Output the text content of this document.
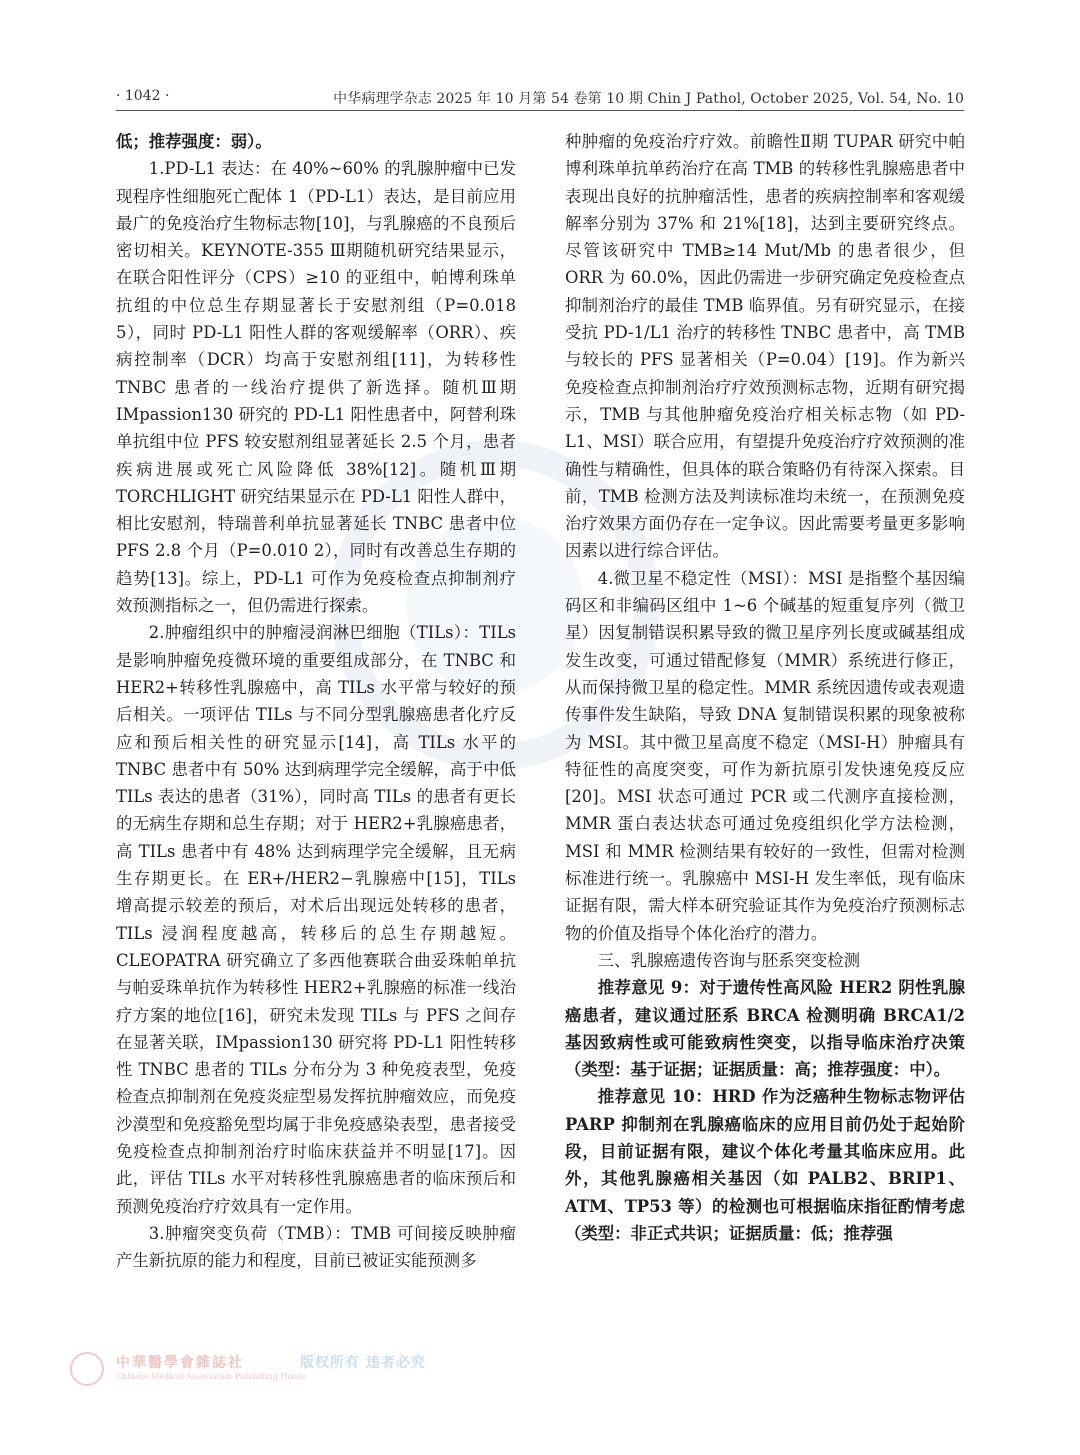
· 1042 ·	中华病理学杂志 2025 年 10 月第 54 卷第 10 期 Chin J Pathol, October 2025, Vol. 54, No. 10

低；推荐强度：弱）。

1.PD-L1 表达：在 40%~60% 的乳腺肿瘤中已发现程序性细胞死亡配体 1（PD-L1）表达，是目前应用最广的免疫治疗生物标志物[10]，与乳腺癌的不良预后密切相关。KEYNOTE-355 Ⅲ期随机研究结果显示，在联合阳性评分（CPS）≥10 的亚组中，帕博利珠单抗组的中位总生存期显著长于安慰剂组（P=0.018 5），同时 PD-L1 阳性人群的客观缓解率（ORR）、疾病控制率（DCR）均高于安慰剂组[11]，为转移性 TNBC 患者的一线治疗提供了新选择。随机Ⅲ期 IMpassion130 研究的 PD-L1 阳性患者中，阿替利珠单抗组中位 PFS 较安慰剂组显著延长 2.5 个月，患者疾病进展或死亡风险降低 38%[12]。随机Ⅲ期 TORCHLIGHT 研究结果显示在 PD-L1 阳性人群中，相比安慰剂，特瑞普利单抗显著延长 TNBC 患者中位 PFS 2.8 个月（P=0.010 2），同时有改善总生存期的趋势[13]。综上，PD-L1 可作为免疫检查点抑制剂疗效预测指标之一，但仍需进行探索。

2.肿瘤组织中的肿瘤浸润淋巴细胞（TILs）：TILs 是影响肿瘤免疫微环境的重要组成部分，在 TNBC 和 HER2+转移性乳腺癌中，高 TILs 水平常与较好的预后相关。一项评估 TILs 与不同分型乳腺癌患者化疗反应和预后相关性的研究显示[14]，高 TILs 水平的 TNBC 患者中有 50% 达到病理学完全缓解，高于中低 TILs 表达的患者（31%），同时高 TILs 的患者有更长的无病生存期和总生存期；对于 HER2+乳腺癌患者，高 TILs 患者中有 48% 达到病理学完全缓解，且无病生存期更长。在 ER+/HER2−乳腺癌中[15]，TILs 增高提示较差的预后，对术后出现远处转移的患者，TILs 浸润程度越高，转移后的总生存期越短。CLEOPATRA 研究确立了多西他赛联合曲妥珠帕单抗与帕妥珠单抗作为转移性 HER2+乳腺癌的标准一线治疗方案的地位[16]，研究未发现 TILs 与 PFS 之间存在显著关联，IMpassion130 研究将 PD-L1 阳性转移性 TNBC 患者的 TILs 分布分为 3 种免疫表型，免疫检查点抑制剂在免疫炎症型易发挥抗肿瘤效应，而免疫沙漠型和免疫豁免型均属于非免疫感染表型，患者接受免疫检查点抑制剂治疗时临床获益并不明显[17]。因此，评估 TILs 水平对转移性乳腺癌患者的临床预后和预测免疫治疗疗效具有一定作用。

3.肿瘤突变负荷（TMB）：TMB 可间接反映肿瘤产生新抗原的能力和程度，目前已被证实能预测多

种肿瘤的免疫治疗疗效。前瞻性Ⅱ期 TUPAR 研究中帕博利珠单抗单药治疗在高 TMB 的转移性乳腺癌患者中表现出良好的抗肿瘤活性，患者的疾病控制率和客观缓解率分别为 37% 和 21%[18]，达到主要研究终点。尽管该研究中 TMB≥14 Mut/Mb 的患者很少，但 ORR 为 60.0%，因此仍需进一步研究确定免疫检查点抑制剂治疗的最佳 TMB 临界值。另有研究显示，在接受抗 PD-1/L1 治疗的转移性 TNBC 患者中，高 TMB 与较长的 PFS 显著相关（P=0.04）[19]。作为新兴免疫检查点抑制剂治疗疗效预测标志物，近期有研究揭示，TMB 与其他肿瘤免疫治疗相关标志物（如 PD-L1、MSI）联合应用，有望提升免疫治疗疗效预测的准确性与精确性，但具体的联合策略仍有待深入探索。目前，TMB 检测方法及判读标准均未统一，在预测免疫治疗效果方面仍存在一定争议。因此需要考量更多影响因素以进行综合评估。

4.微卫星不稳定性（MSI）：MSI 是指整个基因编码区和非编码区组中 1~6 个碱基的短重复序列（微卫星）因复制错误积累导致的微卫星序列长度或碱基组成发生改变，可通过错配修复（MMR）系统进行修正，从而保持微卫星的稳定性。MMR 系统因遗传或表观遗传事件发生缺陷，导致 DNA 复制错误积累的现象被称为 MSI。其中微卫星高度不稳定（MSI-H）肿瘤具有特征性的高度突变，可作为新抗原引发快速免疫反应[20]。MSI 状态可通过 PCR 或二代测序直接检测，MMR 蛋白表达状态可通过免疫组织化学方法检测，MSI 和 MMR 检测结果有较好的一致性，但需对检测标准进行统一。乳腺癌中 MSI-H 发生率低，现有临床证据有限，需大样本研究验证其作为免疫治疗预测标志物的价值及指导个体化治疗的潜力。

三、乳腺癌遗传咨询与胚系突变检测

推荐意见 9：对于遗传性高风险 HER2 阴性乳腺癌患者，建议通过胚系 BRCA 检测明确 BRCA1/2 基因致病性或可能致病性突变，以指导临床治疗决策（类型：基于证据；证据质量：高；推荐强度：中）。

推荐意见 10：HRD 作为泛癌种生物标志物评估 PARP 抑制剂在乳腺癌临床的应用目前仍处于起始阶段，目前证据有限，建议个体化考量其临床应用。此外，其他乳腺癌相关基因（如 PALB2、BRIP1、ATM、TP53 等）的检测也可根据临床指征酌情考虑（类型：非正式共识；证据质量：低；推荐强

中華醫學會雜誌社
Chinese Medical Association Publishing House
版权所有 违者必究
